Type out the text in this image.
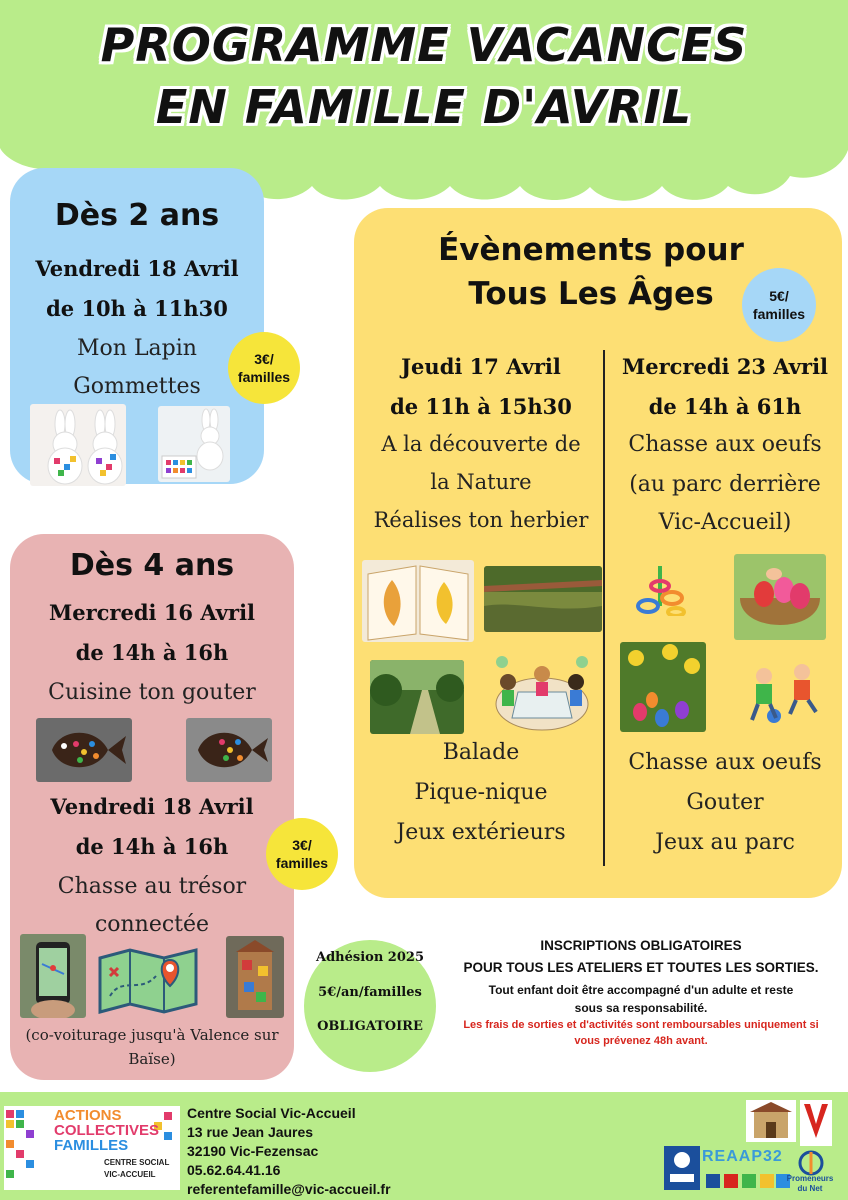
PROGRAMME VACANCES
EN FAMILLE D'AVRIL
Dès 2 ans
Vendredi 18 Avril
de 10h à 11h30
Mon Lapin
Gommettes
3€/
familles
Dès 4 ans
Mercredi 16 Avril
de 14h à 16h
Cuisine ton gouter
Vendredi 18 Avril
de 14h à 16h	3€/
familles
Chasse au trésor
connectée
(co-voiturage jusqu'à Valence sur
Baïse)
Évènements pour
Tous Les Âges	5€/
familles
Jeudi 17 Avril
de 11h à 15h30
A la découverte de
la Nature
Réalises ton herbier
Balade
Pique-nique
Jeux extérieurs
Mercredi 23 Avril
de 14h à 61h
Chasse aux oeufs
(au parc derrière
Vic-Accueil)
Chasse aux oeufs
Gouter
Jeux au parc
Adhésion 2025
5€/an/familles
OBLIGATOIRE
INSCRIPTIONS OBLIGATOIRES
POUR TOUS LES ATELIERS ET TOUTES LES SORTIES.
Tout enfant doit être accompagné d'un adulte et reste
sous sa responsabilité.
Les frais de sorties et d'activités sont remboursables uniquement si
vous prévenez 48h avant.
ACTIONS
COLLECTIVES
FAMILLES
CENTRE SOCIAL
VIC-ACCUEIL
Centre Social Vic-Accueil
13 rue Jean Jaures
32190 Vic-Fezensac
05.62.64.41.16
referentefamille@vic-accueil.fr
REAAP32
Promeneurs
du Net
